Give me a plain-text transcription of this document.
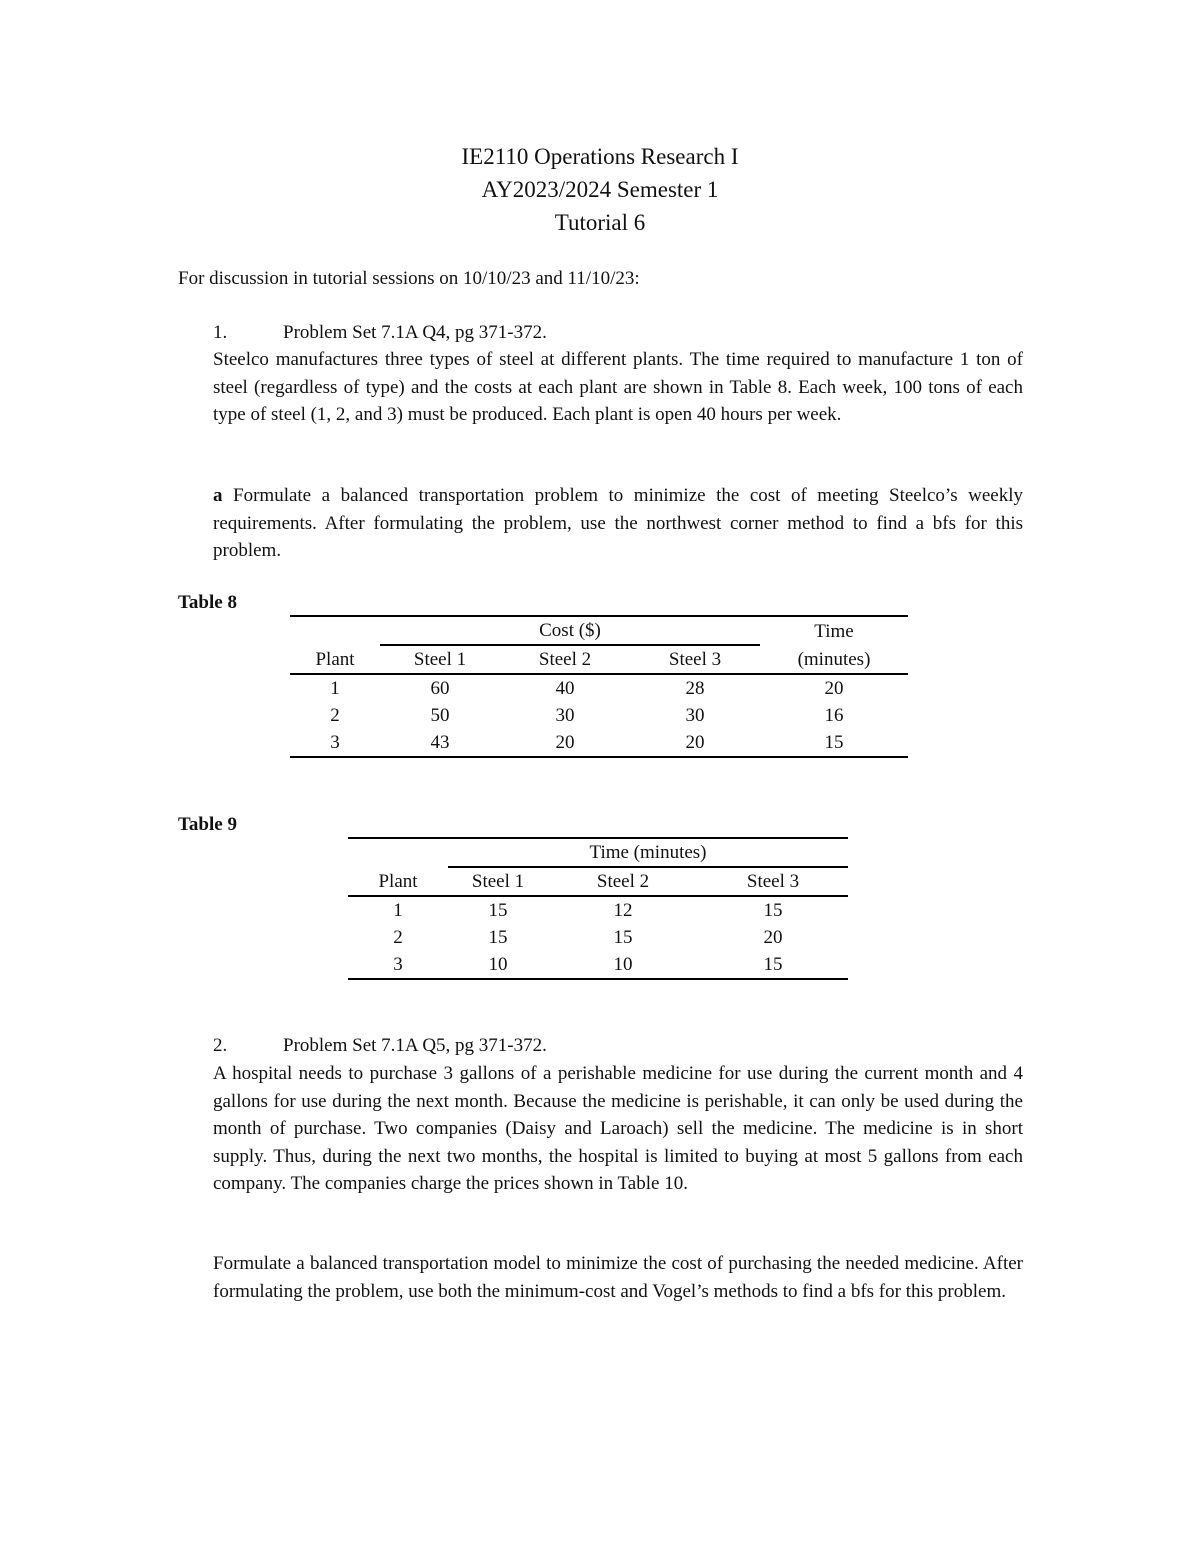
IE2110 Operations Research I
AY2023/2024 Semester 1
Tutorial 6
For discussion in tutorial sessions on 10/10/23 and 11/10/23:
1.	Problem Set 7.1A Q4, pg 371-372.
Steelco manufactures three types of steel at different plants. The time required to manufacture 1 ton of steel (regardless of type) and the costs at each plant are shown in Table 8. Each week, 100 tons of each type of steel (1, 2, and 3) must be produced. Each plant is open 40 hours per week.
a Formulate a balanced transportation problem to minimize the cost of meeting Steelco’s weekly requirements. After formulating the problem, use the northwest corner method to find a bfs for this problem.
Table 8
	Cost ($)			Time
Plant	Steel 1	Steel 2	Steel 3	(minutes)
1	60	40	28	20
2	50	30	30	16
3	43	20	20	15
Table 9
	Time (minutes)		
Plant	Steel 1	Steel 2	Steel 3
1	15	12	15
2	15	15	20
3	10	10	15
2.	Problem Set 7.1A Q5, pg 371-372.
A hospital needs to purchase 3 gallons of a perishable medicine for use during the current month and 4 gallons for use during the next month. Because the medicine is perishable, it can only be used during the month of purchase. Two companies (Daisy and Laroach) sell the medicine. The medicine is in short supply. Thus, during the next two months, the hospital is limited to buying at most 5 gallons from each company. The companies charge the prices shown in Table 10.
Formulate a balanced transportation model to minimize the cost of purchasing the needed medicine. After formulating the problem, use both the minimum-cost and Vogel’s methods to find a bfs for this problem.
